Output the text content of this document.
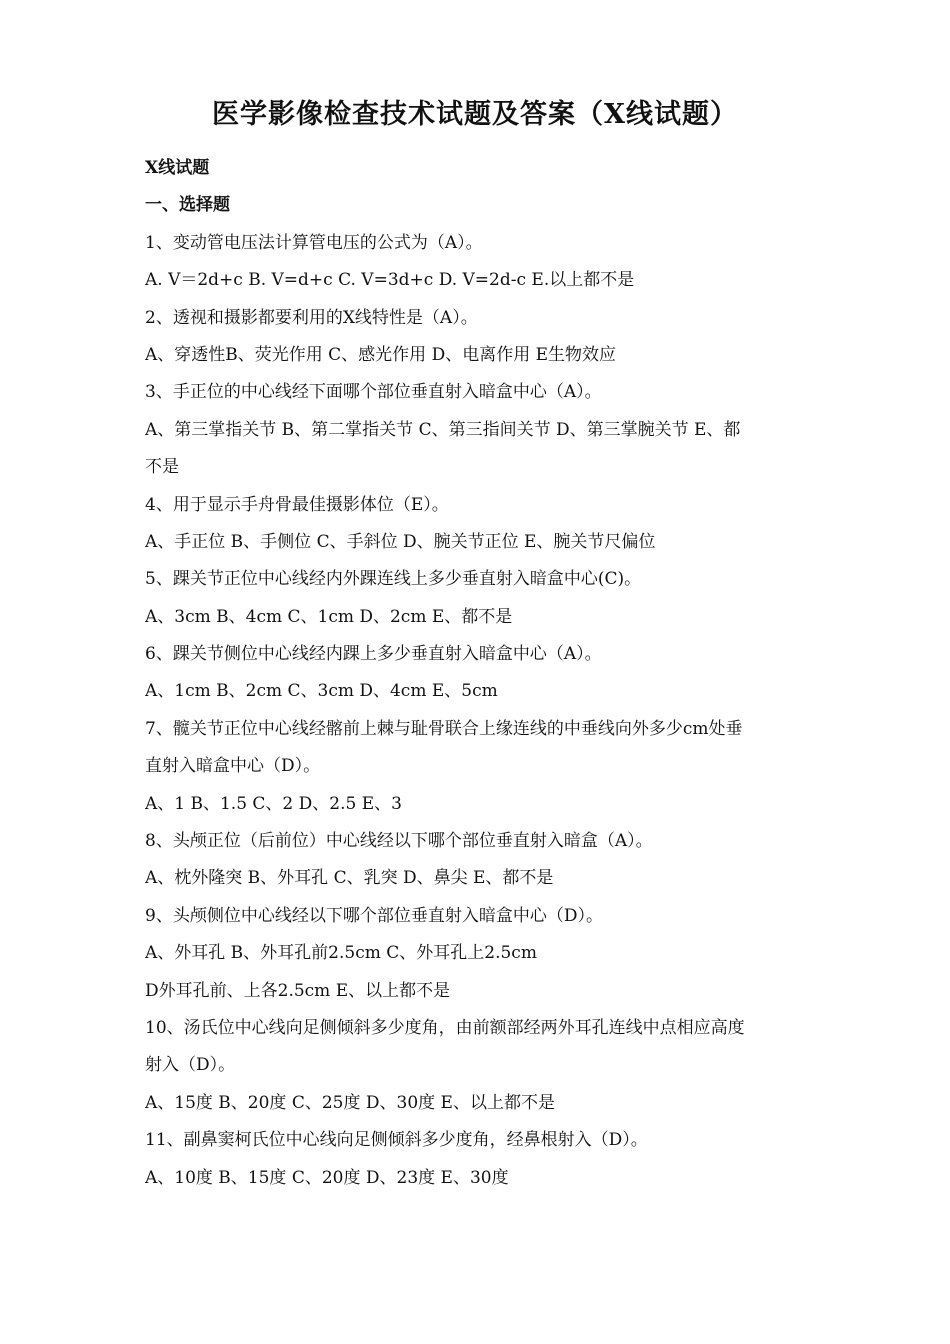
医学影像检查技术试题及答案（X线试题）
X线试题
一、选择题
1、变动管电压法计算管电压的公式为（A）。
A. V＝2d+c B. V=d+c C. V=3d+c D. V=2d-c E.以上都不是
2、透视和摄影都要利用的X线特性是（A）。
A、穿透性B、荧光作用 C、感光作用 D、电离作用 E生物效应
3、手正位的中心线经下面哪个部位垂直射入暗盒中心（A）。
A、第三掌指关节 B、第二掌指关节 C、第三指间关节 D、第三掌腕关节 E、都
不是
4、用于显示手舟骨最佳摄影体位（E）。
A、手正位 B、手侧位 C、手斜位 D、腕关节正位 E、腕关节尺偏位
5、踝关节正位中心线经内外踝连线上多少垂直射入暗盒中心(C)。
A、3cm B、4cm C、1cm D、2cm E、都不是
6、踝关节侧位中心线经内踝上多少垂直射入暗盒中心（A）。
A、1cm B、2cm C、3cm D、4cm E、5cm
7、髋关节正位中心线经髂前上棘与耻骨联合上缘连线的中垂线向外多少cm处垂
直射入暗盒中心（D）。
A、1 B、1.5 C、2 D、2.5 E、3
8、头颅正位（后前位）中心线经以下哪个部位垂直射入暗盒（A）。
A、枕外隆突 B、外耳孔 C、乳突 D、鼻尖 E、都不是
9、头颅侧位中心线经以下哪个部位垂直射入暗盒中心（D）。
A、外耳孔 B、外耳孔前2.5cm C、外耳孔上2.5cm
D外耳孔前、上各2.5cm E、以上都不是
10、汤氏位中心线向足侧倾斜多少度角，由前额部经两外耳孔连线中点相应高度
射入（D）。
A、15度 B、20度 C、25度 D、30度 E、以上都不是
11、副鼻窦柯氏位中心线向足侧倾斜多少度角，经鼻根射入（D）。
A、10度 B、15度 C、20度 D、23度 E、30度
